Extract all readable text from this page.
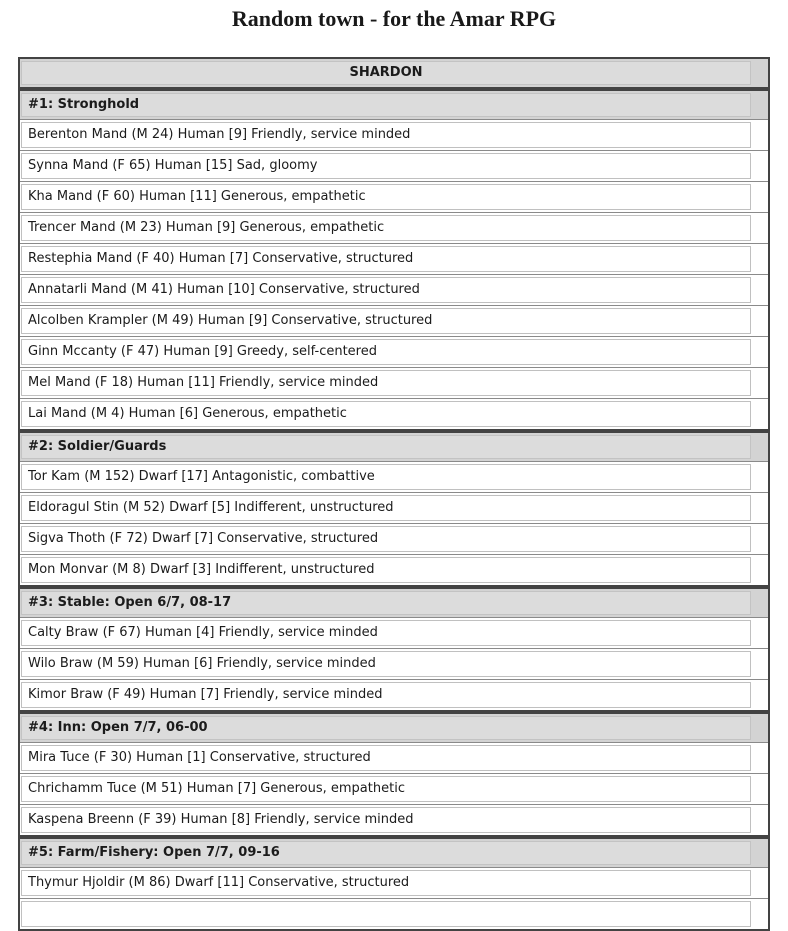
Random town - for the Amar RPG
SHARDON
#1: Stronghold
Berenton Mand (M 24) Human [9] Friendly, service minded
Synna Mand (F 65) Human [15] Sad, gloomy
Kha Mand (F 60) Human [11] Generous, empathetic
Trencer Mand (M 23) Human [9] Generous, empathetic
Restephia Mand (F 40) Human [7] Conservative, structured
Annatarli Mand (M 41) Human [10] Conservative, structured
Alcolben Krampler (M 49) Human [9] Conservative, structured
Ginn Mccanty (F 47) Human [9] Greedy, self-centered
Mel Mand (F 18) Human [11] Friendly, service minded
Lai Mand (M 4) Human [6] Generous, empathetic
#2: Soldier/Guards
Tor Kam (M 152) Dwarf [17] Antagonistic, combattive
Eldoragul Stin (M 52) Dwarf [5] Indifferent, unstructured
Sigva Thoth (F 72) Dwarf [7] Conservative, structured
Mon Monvar (M 8) Dwarf [3] Indifferent, unstructured
#3: Stable: Open 6/7, 08-17
Calty Braw (F 67) Human [4] Friendly, service minded
Wilo Braw (M 59) Human [6] Friendly, service minded
Kimor Braw (F 49) Human [7] Friendly, service minded
#4: Inn: Open 7/7, 06-00
Mira Tuce (F 30) Human [1] Conservative, structured
Chrichamm Tuce (M 51) Human [7] Generous, empathetic
Kaspena Breenn (F 39) Human [8] Friendly, service minded
#5: Farm/Fishery: Open 7/7, 09-16
Thymur Hjoldir (M 86) Dwarf [11] Conservative, structured
